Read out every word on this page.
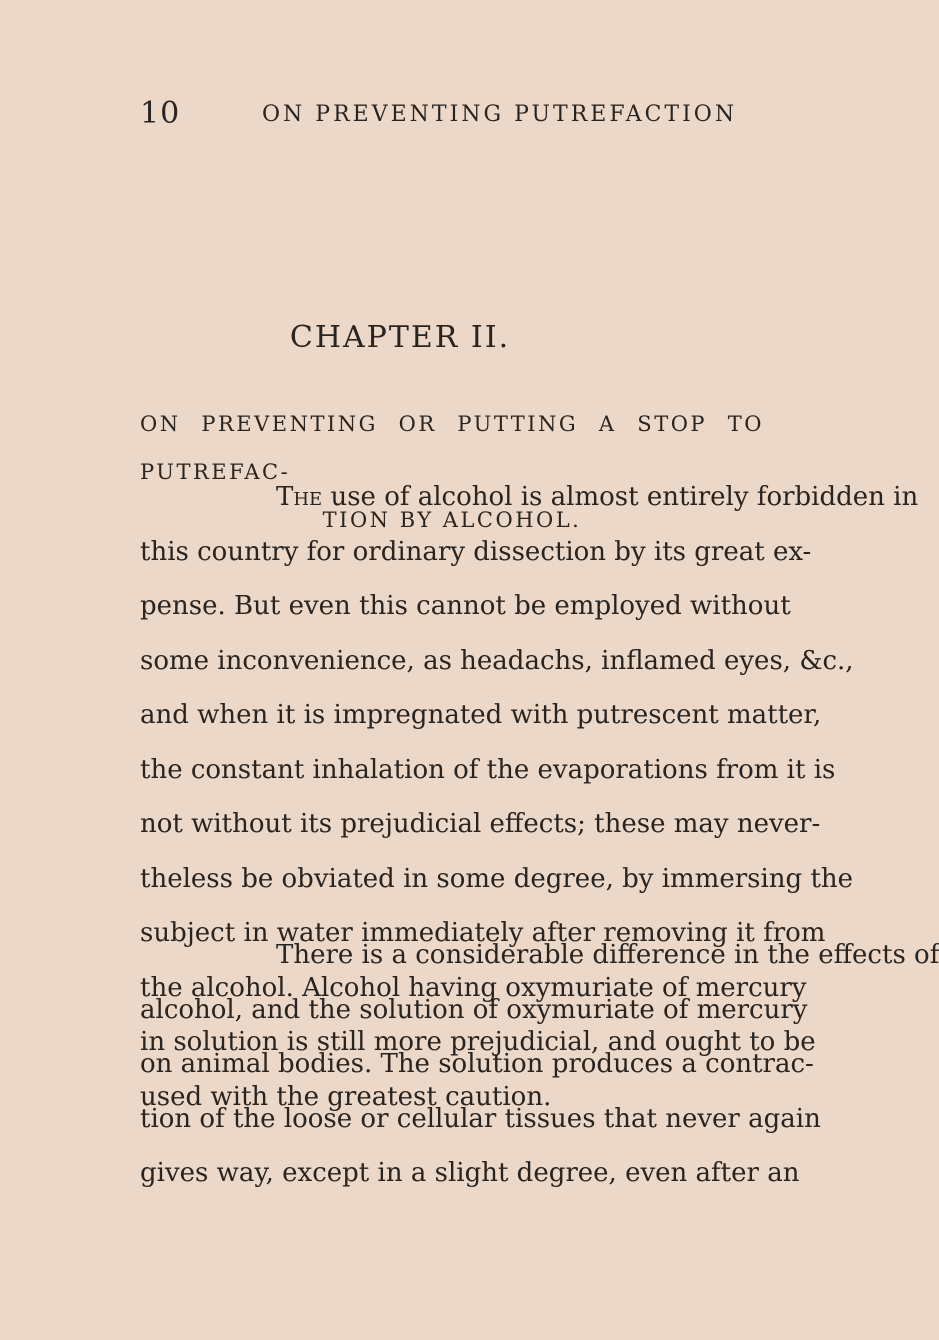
10	ON PREVENTING PUTREFACTION
CHAPTER II.
ON PREVENTING OR PUTTING A STOP TO PUTREFAC-
TION BY ALCOHOL.
The use of alcohol is almost entirely forbidden in
this country for ordinary dissection by its great ex-
pense. But even this cannot be employed without
some inconvenience, as headachs, inflamed eyes, &c.,
and when it is impregnated with putrescent matter,
the constant inhalation of the evaporations from it is
not without its prejudicial effects; these may never-
theless be obviated in some degree, by immersing the
subject in water immediately after removing it from
the alcohol. Alcohol having oxymuriate of mercury
in solution is still more prejudicial, and ought to be
used with the greatest caution.
There is a considerable difference in the effects of
alcohol, and the solution of oxymuriate of mercury
on animal bodies. The solution produces a contrac-
tion of the loose or cellular tissues that never again
gives way, except in a slight degree, even after an
